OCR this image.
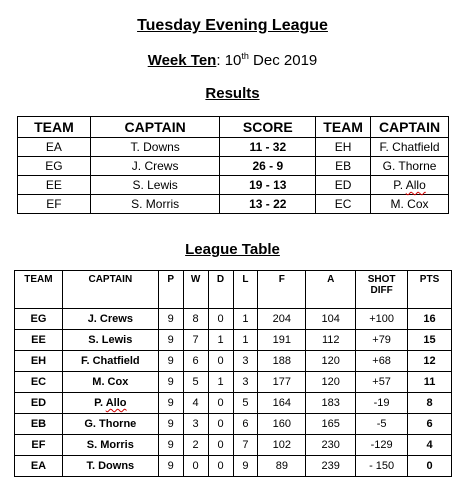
Tuesday Evening League
Week Ten: 10th Dec 2019
Results
TEAM	CAPTAIN	SCORE	TEAM	CAPTAIN
EA	T. Downs	11 - 32	EH	F. Chatfield
EG	J. Crews	26 - 9	EB	G. Thorne
EE	S. Lewis	19 - 13	ED	P. Allo
EF	S. Morris	13 - 22	EC	M. Cox
League Table
TEAM	CAPTAIN	P	W	D	L	F	A	SHOT DIFF	PTS
EG	J. Crews	9	8	0	1	204	104	+100	16
EE	S. Lewis	9	7	1	1	191	112	+79	15
EH	F. Chatfield	9	6	0	3	188	120	+68	12
EC	M. Cox	9	5	1	3	177	120	+57	11
ED	P. Allo	9	4	0	5	164	183	-19	8
EB	G. Thorne	9	3	0	6	160	165	-5	6
EF	S. Morris	9	2	0	7	102	230	-129	4
EA	T. Downs	9	0	0	9	89	239	- 150	0
